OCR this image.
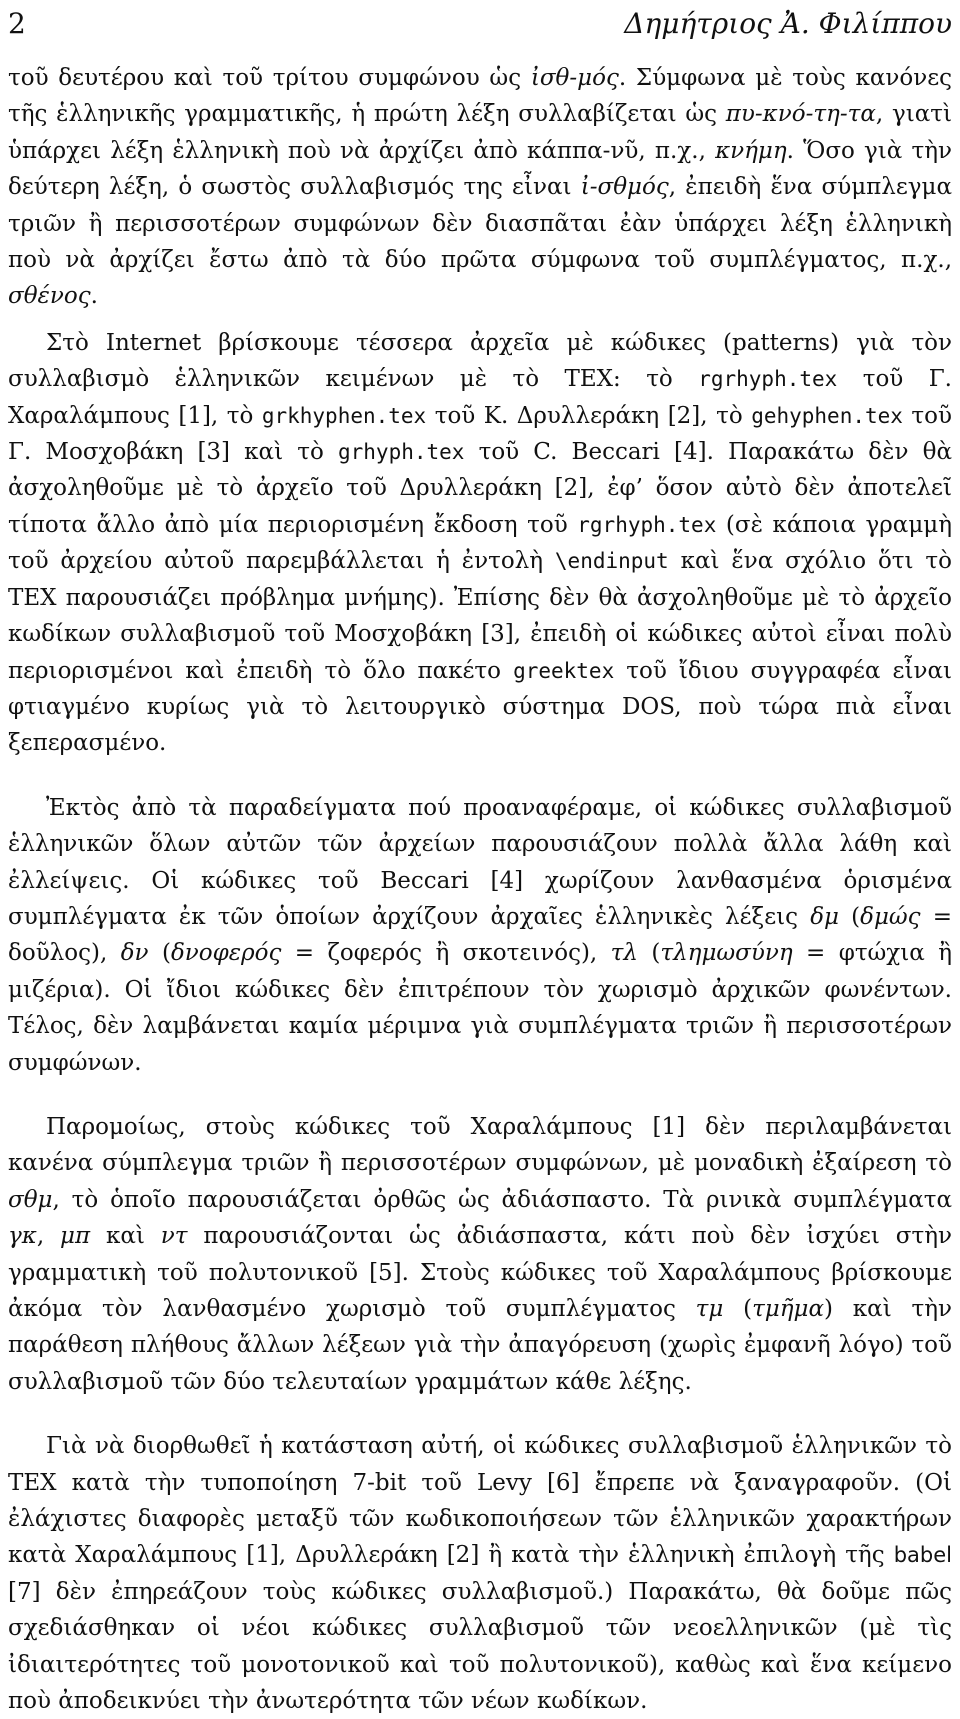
2	Δημήτριος Ἀ. Φιλίππου

τοῦ δευτέρου καὶ τοῦ τρίτου συμφώνου ὡς ἰσθ-μός. Σύμφωνα μὲ τοὺς κανόνες τῆς ἑλληνικῆς γραμματικῆς, ἡ πρώτη λέξη συλλαβίζεται ὡς πυ-κνό-τη-τα, γιατὶ ὑπάρχει λέξη ἑλληνικὴ ποὺ νὰ ἀρχίζει ἀπὸ κάππα-νῦ, π.χ., κνήμη. Ὅσο γιὰ τὴν δεύτερη λέξη, ὁ σωστὸς συλλαβισμός της εἶναι ἰ-σθμός, ἐπειδὴ ἕνα σύμπλεγμα τριῶν ἢ περισσοτέρων συμφώνων δὲν διασπᾶται ἐὰν ὑπάρχει λέξη ἑλληνικὴ ποὺ νὰ ἀρχίζει ἔστω ἀπὸ τὰ δύο πρῶτα σύμφωνα τοῦ συμπλέγματος, π.χ., σθένος.

Στὸ Internet βρίσκουμε τέσσερα ἀρχεῖα μὲ κώδικες (patterns) γιὰ τὸν συλλαβισμὸ ἑλληνικῶν κειμένων μὲ τὸ TEX: τὸ rgrhyph.tex τοῦ Γ. Χαραλάμπους [1], τὸ grkhyphen.tex τοῦ Κ. Δρυλλεράκη [2], τὸ gehyphen.tex τοῦ Γ. Μοσχοβάκη [3] καὶ τὸ grhyph.tex τοῦ C. Beccari [4]. Παρακάτω δὲν θὰ ἀσχοληθοῦμε μὲ τὸ ἀρχεῖο τοῦ Δρυλλεράκη [2], ἐφ’ ὅσον αὐτὸ δὲν ἀποτελεῖ τίποτα ἄλλο ἀπὸ μία περιορισμένη ἔκδοση τοῦ rgrhyph.tex (σὲ κάποια γραμμὴ τοῦ ἀρχείου αὐτοῦ παρεμβάλλεται ἡ ἐντολὴ \endinput καὶ ἕνα σχόλιο ὅτι τὸ TEX παρουσιάζει πρόβλημα μνήμης). Ἐπίσης δὲν θὰ ἀσχοληθοῦμε μὲ τὸ ἀρχεῖο κωδίκων συλλαβισμοῦ τοῦ Μοσχοβάκη [3], ἐπειδὴ οἱ κώδικες αὐτοὶ εἶναι πολὺ περιορισμένοι καὶ ἐπειδὴ τὸ ὅλο πακέτο greektex τοῦ ἴδιου συγγραφέα εἶναι φτιαγμένο κυρίως γιὰ τὸ λειτουργικὸ σύστημα DOS, ποὺ τώρα πιὰ εἶναι ξεπερασμένο.

Ἐκτὸς ἀπὸ τὰ παραδείγματα πού προαναφέραμε, οἱ κώδικες συλλαβισμοῦ ἑλληνικῶν ὅλων αὐτῶν τῶν ἀρχείων παρουσιάζουν πολλὰ ἄλλα λάθη καὶ ἐλλείψεις. Οἱ κώδικες τοῦ Beccari [4] χωρίζουν λανθασμένα ὁρισμένα συμπλέγματα ἐκ τῶν ὁποίων ἀρχίζουν ἀρχαῖες ἑλληνικὲς λέξεις δμ (δμώς = δοῦλος), δν (δνοφερός = ζοφερός ἢ σκοτεινός), τλ (τλημωσύνη = φτώχια ἢ μιζέρια). Οἱ ἴδιοι κώδικες δὲν ἐπιτρέπουν τὸν χωρισμὸ ἀρχικῶν φωνέντων. Τέλος, δὲν λαμβάνεται καμία μέριμνα γιὰ συμπλέγματα τριῶν ἢ περισσοτέρων συμφώνων.

Παρομοίως, στοὺς κώδικες τοῦ Χαραλάμπους [1] δὲν περιλαμβάνεται κανένα σύμπλεγμα τριῶν ἢ περισσοτέρων συμφώνων, μὲ μοναδικὴ ἐξαίρεση τὸ σθμ, τὸ ὁποῖο παρουσιάζεται ὀρθῶς ὡς ἀδιάσπαστο. Τὰ ρινικὰ συμπλέγματα γκ, μπ καὶ ντ παρουσιάζονται ὡς ἀδιάσπαστα, κάτι ποὺ δὲν ἰσχύει στὴν γραμματικὴ τοῦ πολυτονικοῦ [5]. Στοὺς κώδικες τοῦ Χαραλάμπους βρίσκουμε ἀκόμα τὸν λανθασμένο χωρισμὸ τοῦ συμπλέγματος τμ (τμῆμα) καὶ τὴν παράθεση πλήθους ἄλλων λέξεων γιὰ τὴν ἀπαγόρευση (χωρὶς ἐμφανῆ λόγο) τοῦ συλλαβισμοῦ τῶν δύο τελευταίων γραμμάτων κάθε λέξης.

Γιὰ νὰ διορθωθεῖ ἡ κατάσταση αὐτή, οἱ κώδικες συλλαβισμοῦ ἑλληνικῶν τὸ TEX κατὰ τὴν τυποποίηση 7-bit τοῦ Levy [6] ἔπρεπε νὰ ξαναγραφοῦν. (Οἱ ἐλάχιστες διαφορὲς μεταξῦ τῶν κωδικοποιήσεων τῶν ἑλληνικῶν χαρακτήρων κατὰ Χαραλάμπους [1], Δρυλλεράκη [2] ἢ κατὰ τὴν ἑλληνικὴ ἐπιλογὴ τῆς babel [7] δὲν ἐπηρεάζουν τοὺς κώδικες συλλαβισμοῦ.) Παρακάτω, θὰ δοῦμε πῶς σχεδιάσθηκαν οἱ νέοι κώδικες συλλαβισμοῦ τῶν νεοελληνικῶν (μὲ τὶς ἰδιαιτερότητες τοῦ μονοτονικοῦ καὶ τοῦ πολυτονικοῦ), καθὼς καὶ ἕνα κείμενο ποὺ ἀποδεικνύει τὴν ἀνωτερότητα τῶν νέων κωδίκων.
